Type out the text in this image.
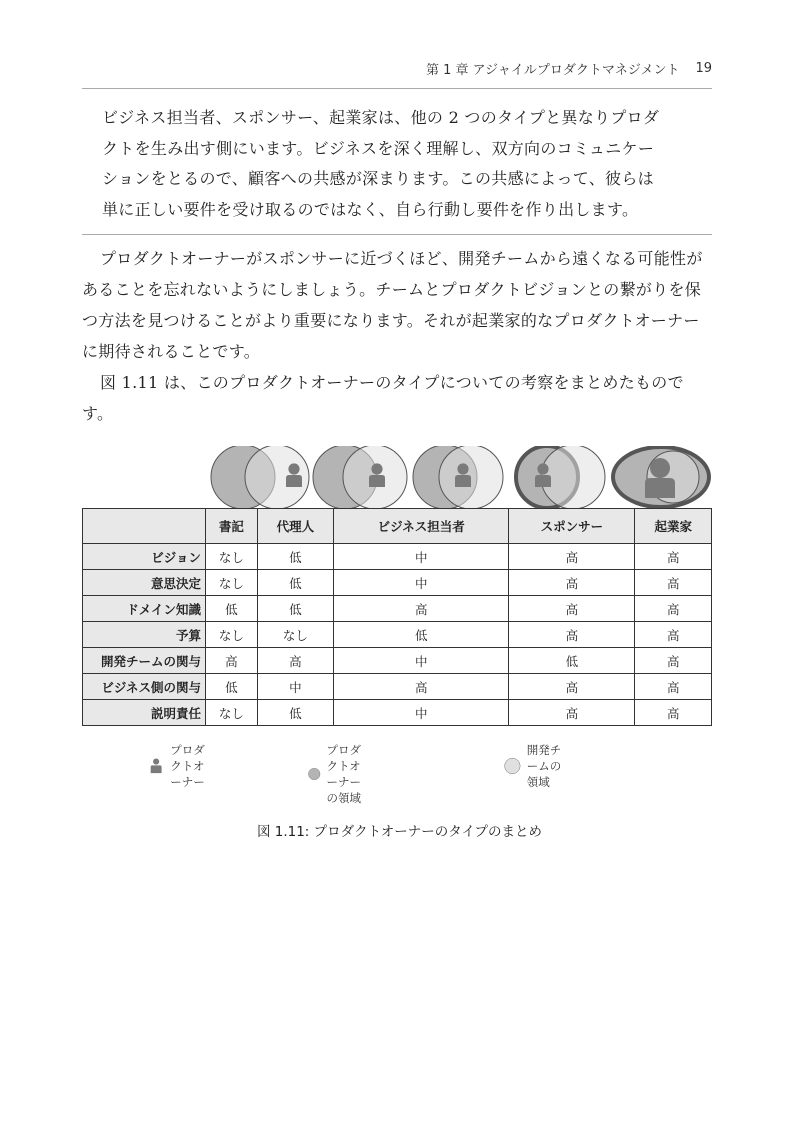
第 1 章 アジャイルプロダクトマネジメント 19
ビジネス担当者、スポンサー、起業家は、他の 2 つのタイプと異なりプロダ
クトを生み出す側にいます。ビジネスを深く理解し、双方向のコミュニケー
ションをとるので、顧客への共感が深まります。この共感によって、彼らは
単に正しい要件を受け取るのではなく、自ら行動し要件を作り出します。
プロダクトオーナーがスポンサーに近づくほど、開発チームから遠くなる可能性があることを忘れないようにしましょう。チームとプロダクトビジョンとの繋がりを保つ方法を見つけることがより重要になります。それが起業家的なプロダクトオーナーに期待されることです。
図 1.11 は、このプロダクトオーナーのタイプについての考察をまとめたものです。
	書記	代理人	ビジネス担当者	スポンサー	起業家
ビジョン	なし	低	中	高	高
意思決定	なし	低	中	高	高
ドメイン知識	低	低	高	高	高
予算	なし	なし	低	高	高
開発チームの関与	高	高	中	低	高
ビジネス側の関与	低	中	高	高	高
説明責任	なし	低	中	高	高
プロダクトオーナー
プロダクトオーナーの領域
開発チームの領域
図 1.11: プロダクトオーナーのタイプのまとめ
